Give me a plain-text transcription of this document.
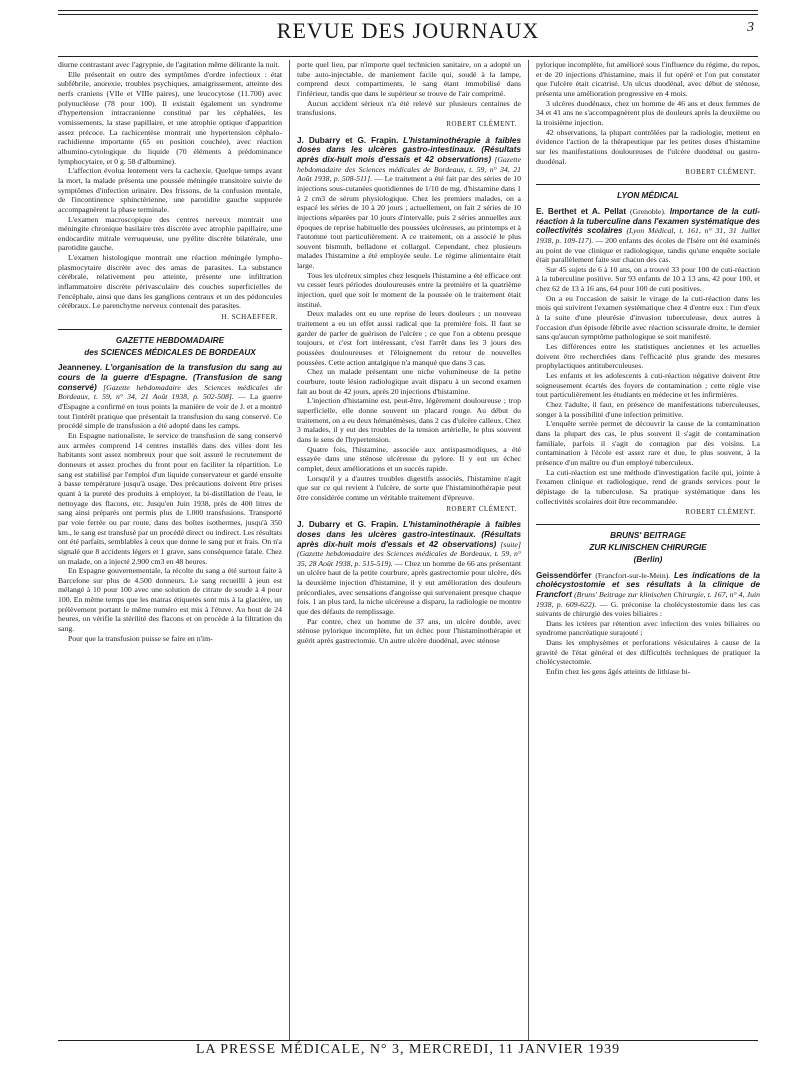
REVUE DES JOURNAUX	3

diurne contrastant avec l'agrypnie, de l'agitation même délirante la nuit.

Elle présentait en outre des symptômes d'ordre infectieux : état subfébrile, anorexie, troubles psychiques, amaigrissement, atteinte des nerfs craniens (VIIe et VIIIe paires), une leucocytose (11.700) avec polynucléose (78 pour 100). Il existait également un syndrome d'hypertension intracranienne constitué par les céphalées, les vomissements, la stase papillaire, et une atrophie optique d'apparition assez précoce. La rachicentèse montrait une hypertension céphalo-rachidienne importante (65 en position couchée), avec réaction albumino-cytologique du liquide (70 éléments à prédominance lymphocytaire, et 0 g. 58 d'albumine).

L'affection évolua lentement vers la cachexie. Quelque temps avant la mort, la malade présenta une poussée méningée transitoire suivie de symptômes d'infection urinaire. Des frissons, de la confusion mentale, de l'incontinence sphinctérienne, une parotidite gauche suppurée accompagnèrent la phase terminale.

L'examen macroscopique des centres nerveux montrait une méningite chronique basilaire très discrète avec atrophie papillaire, une endocardite mitrale verruqueuse, une pyélite discrète bilatérale, une parotidite gauche.

L'examen histologique montrait une réaction méningée lympho-plasmocytaire discrète avec des amas de parasites. La substance cérébrale, relativement peu atteinte, présente une infiltration inflammatoire discrète périvasculaire des couches superficielles de l'encéphale, ainsi que dans les ganglions centraux et un des pédoncules cérébraux. Le parenchyme nerveux contenait des parasites.

H. SCHAEFFER.
GAZETTE HEBDOMADAIRE
des SCIENCES MÉDICALES DE BORDEAUX

Jeanneney. L'organisation de la transfusion du sang au cours de la guerre d'Espagne. (Transfusion de sang conservé) [Gazette hebdomadaire des Sciences médicales de Bordeaux, t. 59, n° 34, 21 Août 1938, p. 502-508]. — La guerre d'Espagne a confirmé en tous points la manière de voir de J. et a montré tout l'intérêt pratique que présentait la transfusion du sang conservé. Ce procédé simple de transfusion a été adopté dans les camps.

En Espagne nationaliste, le service de transfusion de sang conservé aux armées comprend 14 centres installés dans des villes dont les habitants sont assez nombreux pour que soit assuré le recrutement de donneurs et assez proches du front pour en faciliter la répartition. Le sang est stabilisé par l'emploi d'un liquide conservateur et gardé ensuite à basse température jusqu'à usage. Des précautions doivent être prises quant à la pureté des produits à employer, la bi-distillation de l'eau, le nettoyage des flacons, etc. Jusqu'en Juin 1938, près de 400 litres de sang ainsi préparés ont permis plus de 1.000 transfusions. Transporté par voie ferrée ou par route, dans des boîtes isothermes, jusqu'à 350 km., le sang est transfusé par un procédé direct ou indirect. Les résultats ont été parfaits, semblables à ceux que donne le sang pur et frais. On n'a signalé que 8 accidents légers et 1 grave, sans conséquence fatale. Chez un malade, on a injecté 2.900 cm3 en 48 heures.

En Espagne gouvernementale, la récolte du sang a été surtout faite à Barcelone sur plus de 4.500 donneurs. Le sang recueilli à jeun est mélangé à 10 pour 100 avec une solution de citrate de soude à 4 pour 100. En même temps que les matras étiquetés sont mis à la glacière, un prélèvement portant le même numéro est mis à l'étuve. Au bout de 24 heures, on vérifie la stérilité des flacons et on procède à la filtration du sang.

Pour que la transfusion puisse se faire en n'im-

porte quel lieu, par n'importe quel technicien sanitaire, on a adopté un tube auto-injectable, de maniement facile qui, soudé à la lampe, comprend deux compartiments, le sang étant immobilisé dans l'inférieur, tandis que dans le supérieur se trouve de l'air comprimé.

Aucun accident sérieux n'a été relevé sur plusieurs centaines de transfusions.

ROBERT CLÉMENT.

J. Dubarry et G. Frapin. L'histaminothérapie à faibles doses dans les ulcères gastro-intestinaux. (Résultats après dix-huit mois d'essais et 42 observations) [Gazette hebdomadaire des Sciences médicales de Bordeaux, t. 59, n° 34, 21 Août 1938, p. 508-511]. — Le traitement a été fait par des séries de 10 injections sous-cutanées quotidiennes de 1/10 de mg. d'histamine dans 1 à 2 cm3 de sérum physiologique. Chez les premiers malades, on a espacé les séries de 10 à 20 jours ; actuellement, on fait 2 séries de 10 injections séparées par 10 jours d'intervalle, puis 2 séries annuelles aux époques de reprise habituelle des poussées ulcéreuses, au printemps et à l'automne tout particulièrement. A ce traitement, on a associé le plus souvent bismuth, belladone et collargol. Cependant, chez plusieurs malades l'histamine a été employée seule. Le régime alimentaire était large.

Tous les ulcéreux simples chez lesquels l'histamine a été efficace ont vu cesser leurs périodes douloureuses entre la première et la quatrième injection, quel que soit le moment de la poussée où le traitement était institué.

Deux malades ont eu une reprise de leurs douleurs ; un nouveau traitement a eu un effet aussi radical que la première fois. Il faut se garder de parler de guérison de l'ulcère ; ce que l'on a obtenu presque toujours, et c'est fort intéressant, c'est l'arrêt dans les 3 jours des poussées douloureuses et l'éloignement du retour de nouvelles poussées. Cette action antalgique n'a manqué que dans 3 cas.

Chez un malade présentant une niche volumineuse de la petite courbure, toute lésion radiologique avait disparu à un second examen fait au bout de 42 jours, après 20 injections d'histamine.

L'injection d'histamine est, peut-être, légèrement douloureuse ; trop superficielle, elle donne souvent un placard rouge. Au début du traitement, on a eu deux hématémèses, dans 2 cas d'ulcère calleux. Chez 3 malades, il y eut des troubles de la tension artérielle, le plus souvent dans le sens de l'hypertension.

Quatre fois, l'histamine, associée aux antispasmodiques, a été essayée dans une sténose ulcéreuse du pylore. Il y eut un échec complet, deux améliorations et un succès rapide.

Lorsqu'il y a d'autres troubles digestifs associés, l'histamine n'agit que sur ce qui revient à l'ulcère, de sorte que l'histaminothérapie peut être considérée comme un véritable traitement d'épreuve.

ROBERT CLÉMENT.

J. Dubarry et G. Frapin. L'histaminothérapie à faibles doses dans les ulcères gastro-intestinaux. (Résultats après dix-huit mois d'essais et 42 observations) [suite] (Gazette hebdomadaire des Sciences médicales de Bordeaux, t. 59, n° 35, 28 Août 1938, p. 515-519). — Chez un homme de 66 ans présentant un ulcère haut de la petite courbure, après gastrectomie pour ulcère, dès la deuxième injection d'histamine, il y eut amélioration des douleurs précordiales, avec sensations d'angoisse qui survenaient presque chaque fois. 1 an plus tard, la niche ulcéreuse a disparu, la radiologie ne montre que des défauts de remplissage.

Par contre, chez un homme de 37 ans, un ulcère double, avec sténose pylorique incomplète, fut un échec pour l'histaminothérapie et guérit après gastrectomie. Un autre ulcère duodénal, avec sténose

pylorique incomplète, fut amélioré sous l'influence du régime, du repos, et de 20 injections d'histamine, mais il fut opéré et l'on put constater que l'ulcère était cicatrisé. Un ulcus duodénal, avec début de sténose, présenta une amélioration progressive en 4 mois.

3 ulcères duodénaux, chez un homme de 46 ans et deux femmes de 34 et 41 ans ne s'accompagnèrent plus de douleurs après la deuxième ou la troisième injection.

42 observations, la plupart contrôlées par la radiologie, mettent en évidence l'action de la thérapeutique par les petites doses d'histamine sur les manifestations douloureuses de l'ulcère duodénal ou gastro-duodénal.

ROBERT CLÉMENT.
LYON MÉDICAL

E. Berthet et A. Pellat (Grenoble). Importance de la cuti-réaction à la tuberculine dans l'examen systématique des collectivités scolaires (Lyon Médical, t. 161, n° 31, 31 Juillet 1938, p. 109-117). — 200 enfants des écoles de l'Isère ont été examinés au point de vue clinique et radiologique, tandis qu'une enquête sociale était parallèlement faite sur chacun des cas.

Sur 45 sujets de 6 à 10 ans, on a trouvé 33 pour 100 de cuti-réaction à la tuberculine positive. Sur 93 enfants de 10 à 13 ans, 42 pour 100, et chez 62 de 13 à 16 ans, 64 pour 100 de cuti positives.

On a eu l'occasion de saisir le virage de la cuti-réaction dans les mois qui suivirent l'examen systématique chez 4 d'entre eux : l'un d'eux à la suite d'une pleurésie d'invasion tuberculeuse, deux autres à l'occasion d'un épisode fébrile avec réaction scissurale droite, le dernier sans qu'aucun symptôme pathologique se soit manifesté.

Les différences entre les statistiques anciennes et les actuelles doivent être recherchées dans l'efficacité plus grande des mesures prophylactiques antituberculeuses.

Les enfants et les adolescents à cuti-réaction négative doivent être soigneusement écartés des foyers de contamination ; cette règle vise tout particulièrement les étudiants en médecine et les infirmières.

Chez l'adulte, il faut, en présence de manifestations tuberculeuses, songer à la possibilité d'une infection primitive.

L'enquête serrée permet de découvrir la cause de la contamination dans la plupart des cas, le plus souvent il s'agit de contamination familiale, parfois il s'agit de contagion par des voisins. La contamination à l'école est assez rare et due, le plus souvent, à la présence d'un maître ou d'un employé tuberculeux.

La cuti-réaction est une méthode d'investigation facile qui, jointe à l'examen clinique et radiologique, rend de grands services pour le dépistage de la tuberculose. Sa pratique systématique dans les collectivités scolaires doit être recommandée.

ROBERT CLÉMENT.
BRUNS' BEITRAGE
ZUR KLINISCHEN CHIRURGIE
(Berlin)

Geissendörfer (Francfort-sur-le-Mein). Les indications de la cholécystostomie et ses résultats à la clinique de Francfort (Bruns' Beitrage zur klinischen Chirurgie, t. 167, n° 4, Juin 1938, p. 609-622). — G. préconise la cholécystostomie dans les cas suivants de chirurgie des voies biliaires :

Dans les ictères par rétention avec infection des voies biliaires ou syndrome pancréatique surajouté ;

Dans les emphysèmes et perforations vésiculaires à cause de la gravité de l'état général et des difficultés techniques de pratiquer la cholécystectomie.

Enfin chez les gens âgés atteints de lithiase bi-

LA PRESSE MÉDICALE, N° 3, MERCREDI, 11 JANVIER 1939
